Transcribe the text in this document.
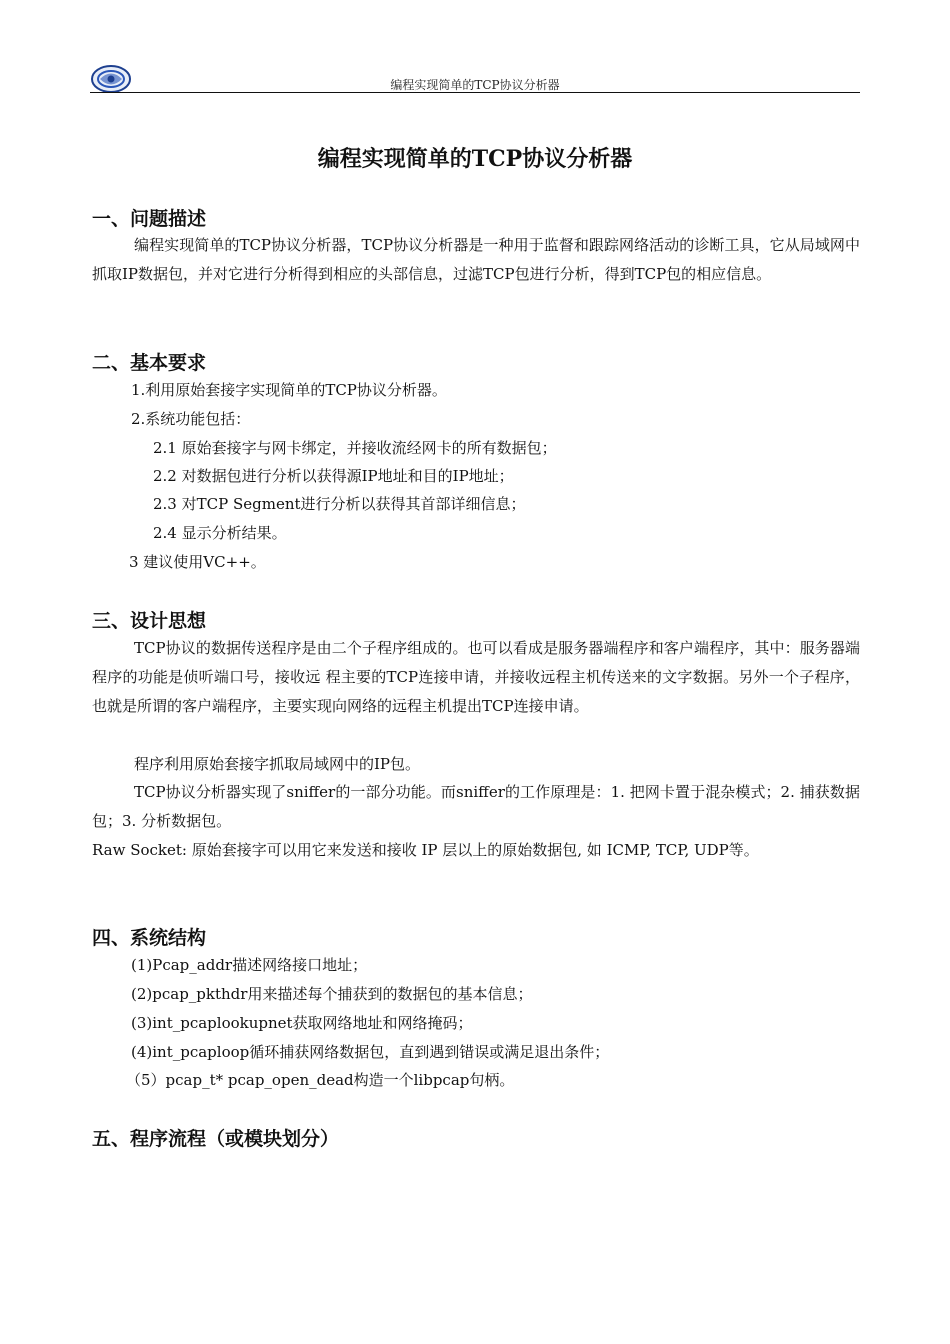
编程实现简单的TCP协议分析器
编程实现简单的TCP协议分析器
一、问题描述
编程实现简单的TCP协议分析器，TCP协议分析器是一种用于监督和跟踪网络活动的诊断工具，它从局域网中抓取IP数据包，并对它进行分析得到相应的头部信息，过滤TCP包进行分析，得到TCP包的相应信息。
二、基本要求
1.利用原始套接字实现简单的TCP协议分析器。
2.系统功能包括：
2.1 原始套接字与网卡绑定，并接收流经网卡的所有数据包；
2.2 对数据包进行分析以获得源IP地址和目的IP地址；
2.3 对TCP Segment进行分析以获得其首部详细信息；
2.4 显示分析结果。
3 建议使用VC++。
三、设计思想
TCP协议的数据传送程序是由二个子程序组成的。也可以看成是服务器端程序和客户端程序，其中：服务器端程序的功能是侦听端口号，接收远 程主要的TCP连接申请，并接收远程主机传送来的文字数据。另外一个子程序，也就是所谓的客户端程序，主要实现向网络的远程主机提出TCP连接申请。
程序利用原始套接字抓取局域网中的IP包。
TCP协议分析器实现了sniffer的一部分功能。而sniffer的工作原理是：1. 把网卡置于混杂模式；2. 捕获数据包；3. 分析数据包。
Raw Socket: 原始套接字可以用它来发送和接收 IP 层以上的原始数据包, 如 ICMP, TCP, UDP等。
四、系统结构
(1)Pcap_addr描述网络接口地址；
(2)pcap_pkthdr用来描述每个捕获到的数据包的基本信息；
(3)int_pcaplookupnet获取网络地址和网络掩码；
(4)int_pcaploop循环捕获网络数据包，直到遇到错误或满足退出条件；
（5）pcap_t* pcap_open_dead构造一个libpcap句柄。
五、程序流程（或模块划分）
